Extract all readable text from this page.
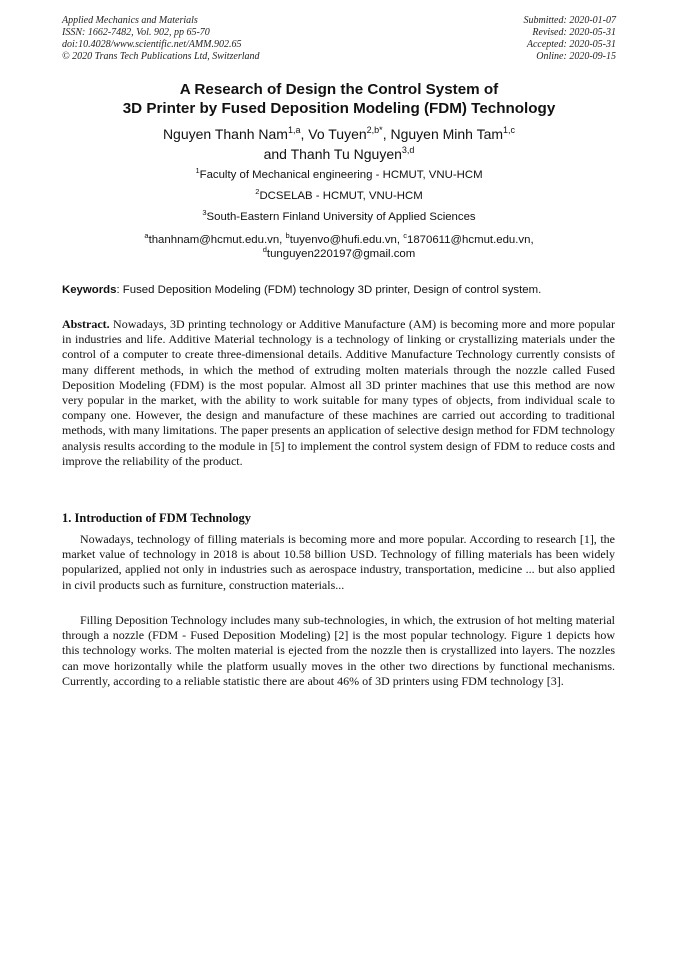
Applied Mechanics and Materials
ISSN: 1662-7482, Vol. 902, pp 65-70
doi:10.4028/www.scientific.net/AMM.902.65
© 2020 Trans Tech Publications Ltd, Switzerland
Submitted: 2020-01-07
Revised: 2020-05-31
Accepted: 2020-05-31
Online: 2020-09-15
A Research of Design the Control System of
3D Printer by Fused Deposition Modeling (FDM) Technology
Nguyen Thanh Nam$^{1,a}$, Vo Tuyen$^{2,b*}$, Nguyen Minh Tam$^{1,c}$
and Thanh Tu Nguyen$^{3,d}$
$^1$Faculty of Mechanical engineering - HCMUT, VNU-HCM
$^2$DCSELAB - HCMUT, VNU-HCM
$^3$South-Eastern Finland University of Applied Sciences
$^a$thanhnam@hcmut.edu.vn, $^b$tuyenvo@hufi.edu.vn, $^c$1870611@hcmut.edu.vn,
$^d$tunguyen220197@gmail.com
Keywords: Fused Deposition Modeling (FDM) technology 3D printer, Design of control system.

Abstract. Nowadays, 3D printing technology or Additive Manufacture (AM) is becoming more and more popular in industries and life. Additive Material technology is a technology of linking or crystallizing materials under the control of a computer to create three-dimensional details. Additive Manufacture Technology currently consists of many different methods, in which the method of extruding molten materials through the nozzle called Fused Deposition Modeling (FDM) is the most popular. Almost all 3D printer machines that use this method are now very popular in the market, with the ability to work suitable for many types of objects, from individual scale to company one. However, the design and manufacture of these machines are carried out according to traditional methods, with many limitations. The paper presents an application of selective design method for FDM technology analysis results according to the module in [5] to implement the control system design of FDM to reduce costs and improve the reliability of the product.

1. Introduction of FDM Technology

Nowadays, technology of filling materials is becoming more and more popular. According to research [1], the market value of technology in 2018 is about 10.58 billion USD. Technology of filling materials has been widely popularized, applied not only in industries such as aerospace industry, transportation, medicine ... but also applied in civil products such as furniture, construction materials...

Filling Deposition Technology includes many sub-technologies, in which, the extrusion of hot melting material through a nozzle (FDM - Fused Deposition Modeling) [2] is the most popular technology. Figure 1 depicts how this technology works. The molten material is ejected from the nozzle then is crystallized into layers. The nozzles can move horizontally while the platform usually moves in the other two directions by functional mechanisms. Currently, according to a reliable statistic there are about 46% of 3D printers using FDM technology [3].
